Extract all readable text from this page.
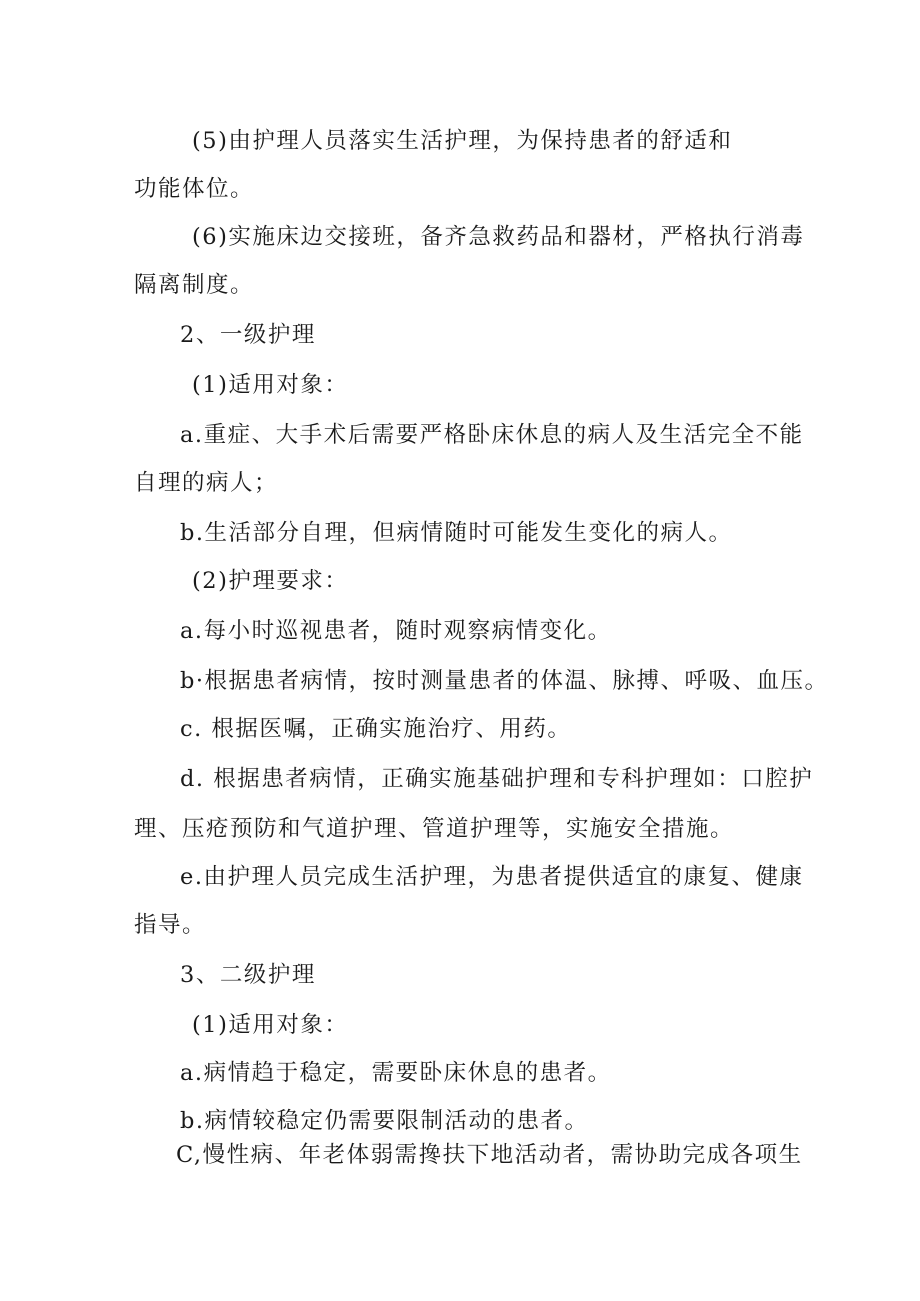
(5)由护理人员落实生活护理，为保持患者的舒适和
功能体位。
(6)实施床边交接班，备齐急救药品和器材，严格执行消毒
隔离制度。
2、一级护理
(1)适用对象：
a.重症、大手术后需要严格卧床休息的病人及生活完全不能
自理的病人；
b.生活部分自理，但病情随时可能发生变化的病人。
(2)护理要求：
a.每小时巡视患者，随时观察病情变化。
b·根据患者病情，按时测量患者的体温、脉搏、呼吸、血压。
c. 根据医嘱，正确实施治疗、用药。
d. 根据患者病情，正确实施基础护理和专科护理如：口腔护
理、压疮预防和气道护理、管道护理等，实施安全措施。
e.由护理人员完成生活护理，为患者提供适宜的康复、健康
指导。
3、二级护理
(1)适用对象：
a.病情趋于稳定，需要卧床休息的患者。
b.病情较稳定仍需要限制活动的患者。
C,慢性病、年老体弱需搀扶下地活动者，需协助完成各项生
